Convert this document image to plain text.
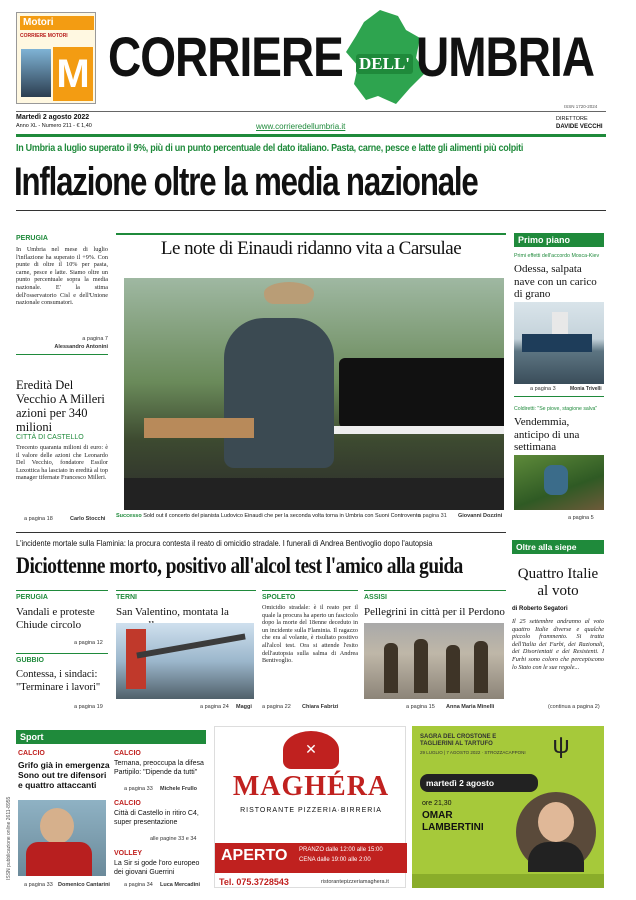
Motori
CORRIERE MOTORI
M CORRIERE DELL' UMBRIA
ISSN 1720-2024
Martedì 2 agosto 2022
Anno XL - Numero 211 - € 1,40	www.corrieredellumbria.it
DIRETTORE
DAVIDE VECCHI
In Umbria a luglio superato il 9%, più di un punto percentuale del dato italiano. Pasta, carne, pesce e latte gli alimenti più colpiti
Inflazione oltre la media nazionale
PERUGIA
In Umbria nel mese di luglio l'inflazione ha superato il +9%. Con punte di oltre il 10% per pasta, carne, pesce e latte. Siamo oltre un punto percentuale sopra la media nazionale. E' la stima dell'osservatorio Cisl e dell'Unione nazionale consumatori.
a pagina 7
Alessandro Antonini
Eredità Del Vecchio A Milleri azioni per 340 milioni
CITTÀ DI CASTELLO
Trecento quaranta milioni di euro: è il valore delle azioni che Leonardo Del Vecchio, fondatore Essilor Luxottica ha lasciato in eredità al top manager tifernate Francesco Milleri.
a pagina 18	Carlo Stocchi
Le note di Einaudi ridanno vita a Carsulae
Successo Sold out il concerto del pianista Ludovico Einaudi che per la seconda volta torna in Umbria con Suoni Controvento
a pagina 31 Giovanni Dozzini
Primo piano
Primi effetti dell'accordo Mosca-Kiev
Odessa, salpata nave con un carico di grano
a pagina 3	Monia Trivelli
Coldiretti: "Se piove, stagione salva"
Vendemmia, anticipo di una settimana
a pagina 5
L'incidente mortale sulla Flaminia: la procura contesta il reato di omicidio stradale. I funerali di Andrea Bentivoglio dopo l'autopsia
Diciottenne morto, positivo all'alcol test l'amico alla guida
PERUGIA
Vandali e proteste Chiude circolo
a pagina 12
GUBBIO
Contessa, i sindaci: "Terminare i lavori"
a pagina 19
TERNI
San Valentino, montata la
a pagina 24 Maggi
SPOLETO
Omicidio stradale: è il reato per il quale la procura ha aperto un fascicolo dopo la morte del 18enne deceduto in un incidente sulla Flaminia. Il ragazzo che era al volante, è risultato positivo all'alcol test. Ora si attende l'esito dell'autopsia sulla salma di Andrea Bentivoglio.
a pagina 22 Chiara Fabrizi
ASSISI
Pellegrini in città per il Perdono
a pagina 15 Anna Maria Minelli
Oltre alla siepe
Quattro Italie al voto
di Roberto Segatori
Il 25 settembre andranno al voto quattro Italie diverse e qualche piccolo frammento. Si tratta dell'Italia dei Furbi, dei Razionali, dei Disorientati e dei Resistenti. I Furbi sono coloro che percepiscono lo Stato con le sue regole...
(continua a pagina 2)
Sport
CALCIO
Grifo già in emergenza Sono out tre difensori e quattro attaccanti
a pagina 33 Domenico Cantarini
CALCIO
Ternana, preoccupa la difesa Partipilo: "Dipende da tutti"
a pagina 33 Michele Frullo
CALCIO
Città di Castello in ritiro C4, super presentazione
alle pagine 33 e 34
VOLLEY
La Sir si gode l'oro europeo dei giovani Guerrini
a pagina 34 Luca Mercadini
✕
MAGHÉRA
RISTORANTE PIZZERIA·BIRRERIA
APERTO PRANZO dalle 12:00 alle 15:00
CENA dalle 19:00 alle 2:00
Tel. 075.3728543	ristorantepizzeriamaghera.it
SAGRA DEL CROSTONE E TAGLIERINI AL TARTUFO
29 LUGLIO | 7 AGOSTO 2022 · STROZZACAPPONI ψ
martedì 2 agosto
ore 21,30
OMAR
LAMBERTINI
ISSN pubblicazione online 2611-8955
